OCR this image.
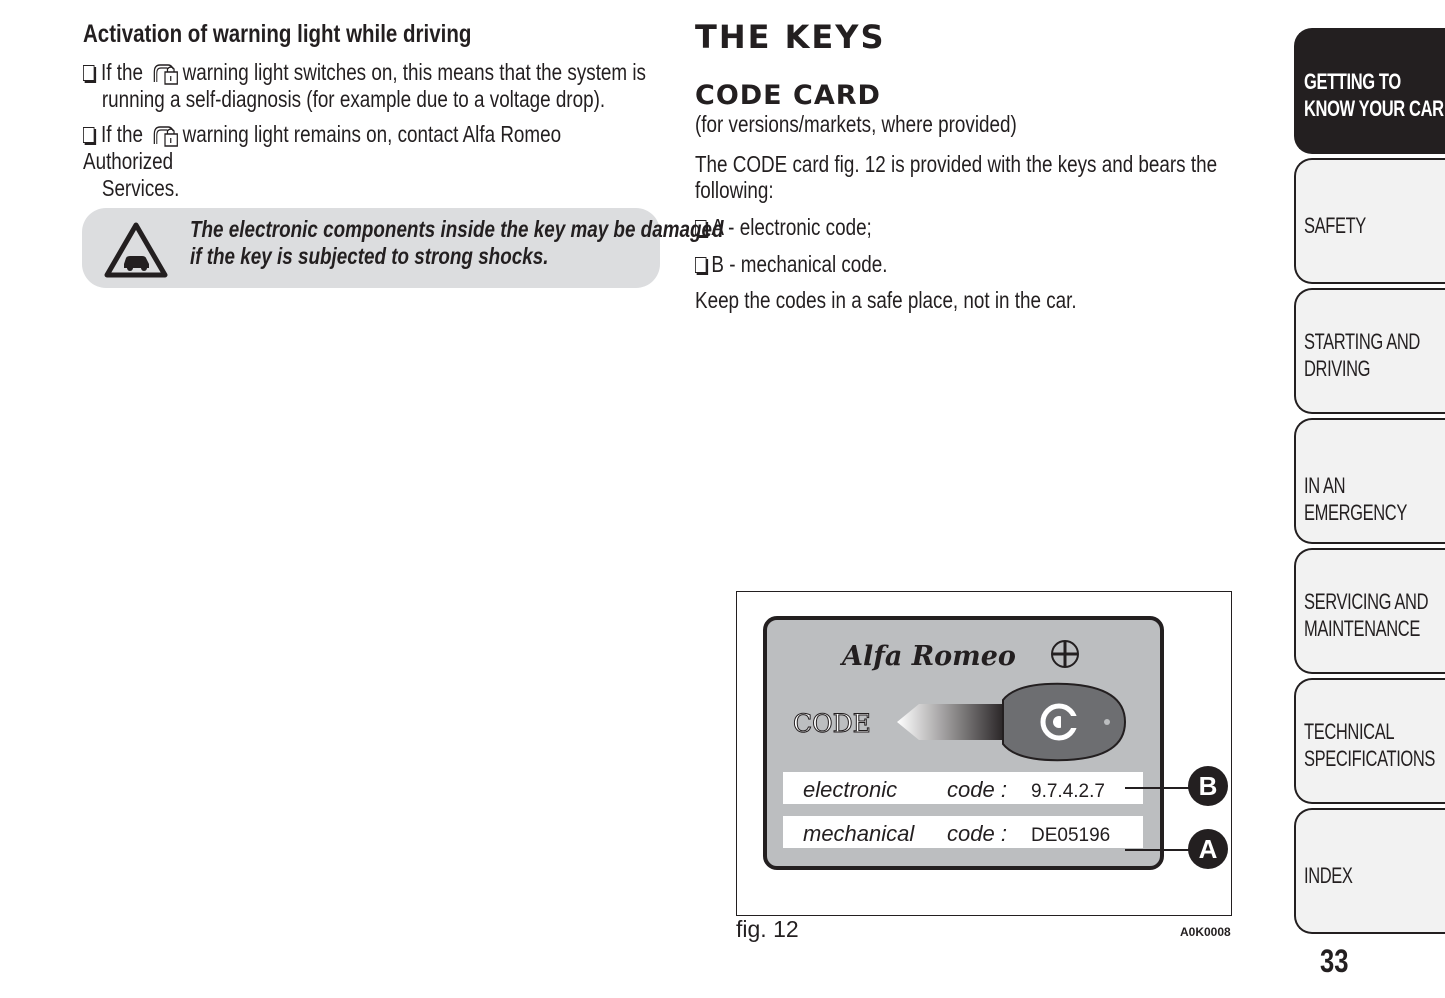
Activation of warning light while driving
If the warning light switches on, this means that the system is
running a self-diagnosis (for example due to a voltage drop).
If the warning light remains on, contact Alfa Romeo Authorized
Services.
The electronic components inside the key may be damaged
if the key is subjected to strong shocks.
THE KEYS
CODE CARD
(for versions/markets, where provided)
The CODE card fig. 12 is provided with the keys and bears the
following:
A - electronic code;
B - mechanical code.
Keep the codes in a safe place, not in the car.
Alfa Romeo
CODE
electronic code : 9.7.4.2.7
mechanical code : DE05196
B
A
fig. 12	A0K0008
GETTING TO
KNOW YOUR CAR
SAFETY
STARTING AND
DRIVING
IN AN EMERGENCY
SERVICING AND
MAINTENANCE
TECHNICAL
SPECIFICATIONS
INDEX
33
